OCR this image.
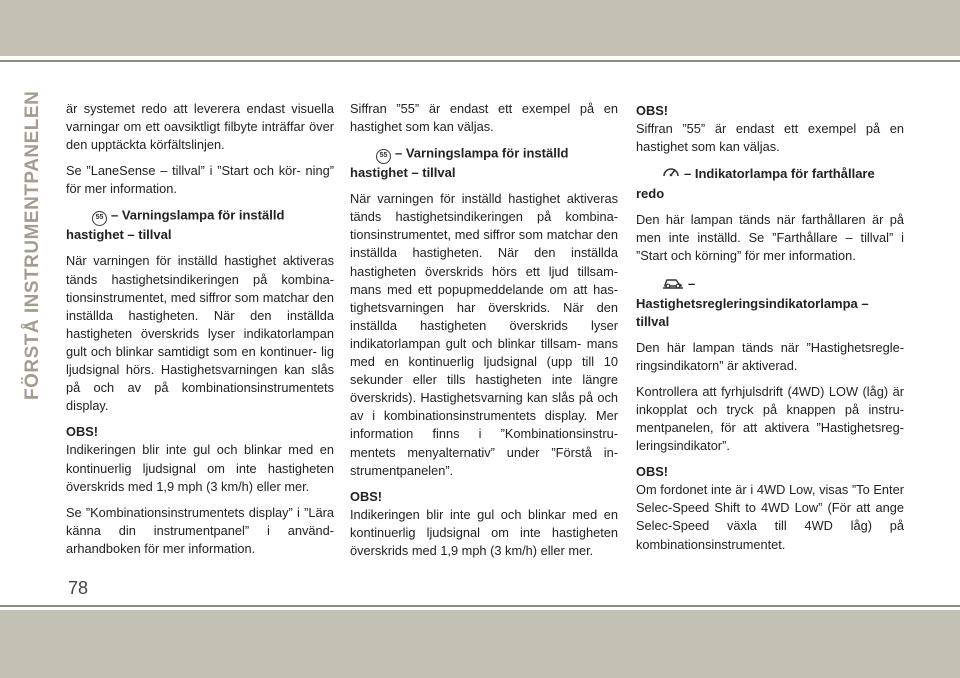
FÖRSTÅ INSTRUMENTPANELEN
78

är systemet redo att leverera endast visuella varningar om ett oavsiktligt filbyte inträffar över den upptäckta körfältslinjen.

Se ”LaneSense – tillval” i ”Start och kör- ning” för mer information.

55 – Varningslampa för inställd hastighet – tillval

När varningen för inställd hastighet aktiveras tänds hastighetsindikeringen på kombina- tionsinstrumentet, med siffror som matchar den inställda hastigheten. När den inställda hastigheten överskrids lyser indikatorlampan gult och blinkar samtidigt som en kontinuer- lig ljudsignal hörs. Hastighetsvarningen kan slås på och av på kombinationsinstrumentets display.

OBS!
Indikeringen blir inte gul och blinkar med en kontinuerlig ljudsignal om inte hastigheten överskrids med 1,9 mph (3 km/h) eller mer.

Se ”Kombinationsinstrumentets display” i ”Lära känna din instrumentpanel” i använd- arhandboken för mer information.

Siffran ”55” är endast ett exempel på en hastighet som kan väljas.

55 – Varningslampa för inställd hastighet – tillval

När varningen för inställd hastighet aktiveras tänds hastighetsindikeringen på kombina- tionsinstrumentet, med siffror som matchar den inställda hastigheten. När den inställda hastigheten överskrids hörs ett ljud tillsam- mans med ett popupmeddelande om att has- tighetsvarningen har överskrids. När den inställda hastigheten överskrids lyser indikatorlampan gult och blinkar tillsam- mans med en kontinuerlig ljudsignal (upp till 10 sekunder eller tills hastigheten inte längre överskrids). Hastighetsvarning kan slås på och av i kombinationsinstrumentets display. Mer information finns i ”Kombinationsinstru- mentets menyalternativ” under ”Förstå in- strumentpanelen”.

OBS!
Indikeringen blir inte gul och blinkar med en kontinuerlig ljudsignal om inte hastigheten överskrids med 1,9 mph (3 km/h) eller mer.

OBS!
Siffran ”55” är endast ett exempel på en hastighet som kan väljas.

– Indikatorlampa för farthållare redo

Den här lampan tänds när farthållaren är på men inte inställd. Se ”Farthållare – tillval” i ”Start och körning” för mer information.

– Hastighetsregleringsindikatorlampa – tillval

Den här lampan tänds när ”Hastighetsregle- ringsindikatorn” är aktiverad.

Kontrollera att fyrhjulsdrift (4WD) LOW (låg) är inkopplat och tryck på knappen på instru- mentpanelen, för att aktivera ”Hastighetsreg- leringsindikator”.

OBS!
Om fordonet inte är i 4WD Low, visas ”To Enter Selec-Speed Shift to 4WD Low” (För att ange Selec-Speed växla till 4WD låg) på kombinationsinstrumentet.
